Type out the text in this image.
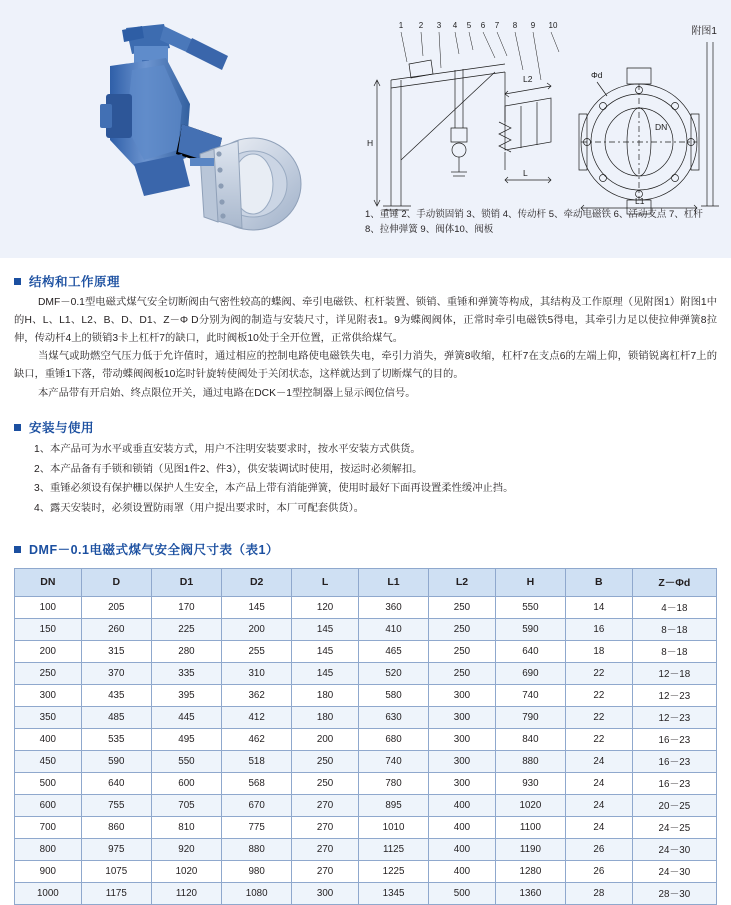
1 2 3 4 5 6 7 8 9 10
H
L
L2
L1
Φd
DN
附图1
1、重锤 2、手动锁固销 3、锁销 4、传动杆 5、牵动电磁铁 6、活动支点 7、杠杆 8、拉伸弹簧 9、阀体10、阀板
结构和工作原理
DMF－0.1型电磁式煤气安全切断阀由气密性较高的蝶阀、牵引电磁铁、杠杆装置、锁销、重锤和弹簧等构成，其结构及工作原理（见附图1）附图1中的H、L、L1、L2、B、D、D1、Z－Φ D分别为阀的制造与安装尺寸，详见附表1。9为蝶阀阀体，正常时牵引电磁铁5得电，其牵引力足以使拉伸弹簧8拉伸，传动杆4上的锁销3卡上杠杆7的缺口，此时阀板10处于全开位置，正常供给煤气。
当煤气或助燃空气压力低于允许值时，通过相应的控制电路使电磁铁失电，牵引力消失，弹簧8收缩，杠杆7在支点6的左端上仰，锁销锐离杠杆7上的缺口，重锤1下落，带动蝶阀阀板10迄时针旋转使阀处于关闭状态，这样就达到了切断煤气的目的。
本产品带有开启始、终点限位开关，通过电路在DCK－1型控制器上显示阀位信号。
安装与使用
1、本产品可为水平或垂直安装方式，用户不注明安装要求时，按水平安装方式供货。
2、本产品备有手锁和锁销（见图1件2、件3），供安装调试时使用，按运时必须解扣。
3、重锤必须设有保护栅以保护人生安全，本产品上带有消能弹簧，使用时最好下面再设置柔性缓冲止挡。
4、露天安装时，必须设置防雨罩（用户提出要求时，本厂可配套供货）。
DMF－0.1电磁式煤气安全阀尺寸表（表1）
DN	D	D1	D2	L	L1	L2	H	B	Z－Φd
100	205	170	145	120	360	250	550	14	4－18
150	260	225	200	145	410	250	590	16	8－18
200	315	280	255	145	465	250	640	18	8－18
250	370	335	310	145	520	250	690	22	12－18
300	435	395	362	180	580	300	740	22	12－23
350	485	445	412	180	630	300	790	22	12－23
400	535	495	462	200	680	300	840	22	16－23
450	590	550	518	250	740	300	880	24	16－23
500	640	600	568	250	780	300	930	24	16－23
600	755	705	670	270	895	400	1020	24	20－25
700	860	810	775	270	1010	400	1100	24	24－25
800	975	920	880	270	1125	400	1190	26	24－30
900	1075	1020	980	270	1225	400	1280	26	24－30
1000	1175	1120	1080	300	1345	500	1360	28	28－30
